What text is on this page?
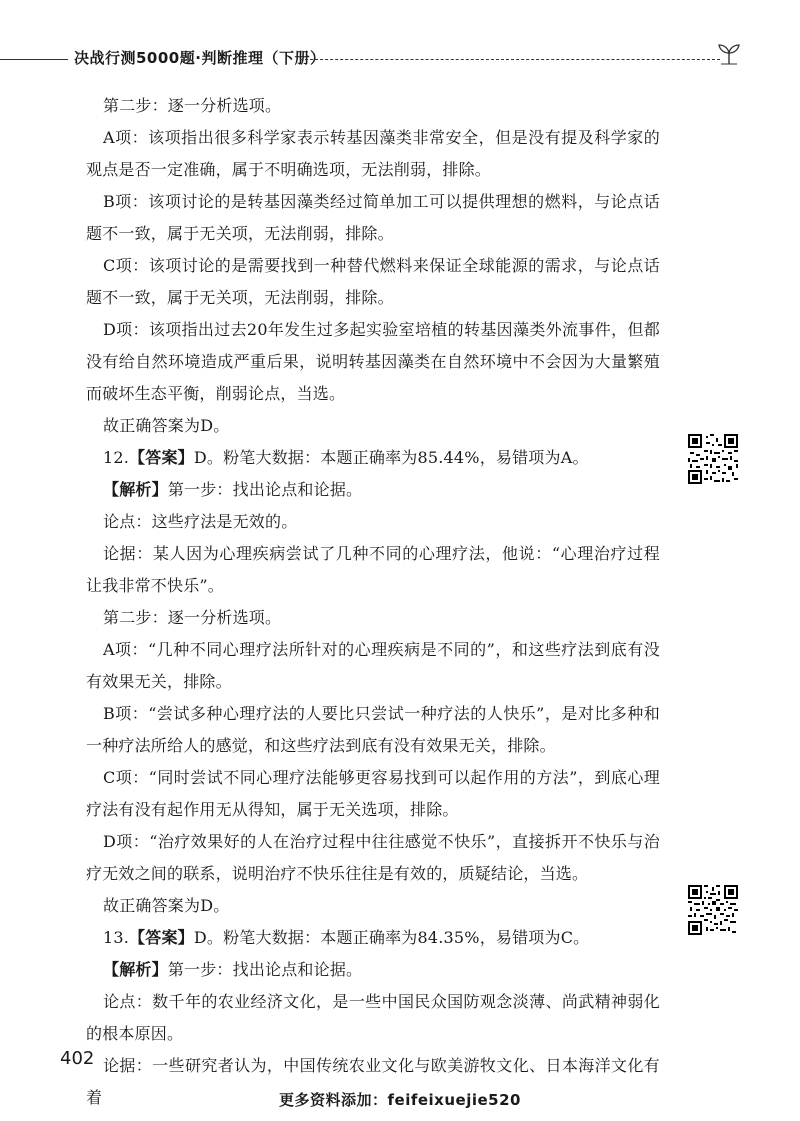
决战行测5000题·判断推理（下册）

第二步：逐一分析选项。

A项：该项指出很多科学家表示转基因藻类非常安全，但是没有提及科学家的观点是否一定准确，属于不明确选项，无法削弱，排除。

B项：该项讨论的是转基因藻类经过简单加工可以提供理想的燃料，与论点话题不一致，属于无关项，无法削弱，排除。

C项：该项讨论的是需要找到一种替代燃料来保证全球能源的需求，与论点话题不一致，属于无关项，无法削弱，排除。

D项：该项指出过去20年发生过多起实验室培植的转基因藻类外流事件，但都没有给自然环境造成严重后果，说明转基因藻类在自然环境中不会因为大量繁殖而破坏生态平衡，削弱论点，当选。

故正确答案为D。

12.【答案】D。粉笔大数据：本题正确率为85.44%，易错项为A。

【解析】第一步：找出论点和论据。

论点：这些疗法是无效的。

论据：某人因为心理疾病尝试了几种不同的心理疗法，他说：“心理治疗过程让我非常不快乐”。

第二步：逐一分析选项。

A项：“几种不同心理疗法所针对的心理疾病是不同的”，和这些疗法到底有没有效果无关，排除。

B项：“尝试多种心理疗法的人要比只尝试一种疗法的人快乐”，是对比多种和一种疗法所给人的感觉，和这些疗法到底有没有效果无关，排除。

C项：“同时尝试不同心理疗法能够更容易找到可以起作用的方法”，到底心理疗法有没有起作用无从得知，属于无关选项，排除。

D项：“治疗效果好的人在治疗过程中往往感觉不快乐”，直接拆开不快乐与治疗无效之间的联系，说明治疗不快乐往往是有效的，质疑结论，当选。

故正确答案为D。

13.【答案】D。粉笔大数据：本题正确率为84.35%，易错项为C。

【解析】第一步：找出论点和论据。

论点：数千年的农业经济文化，是一些中国民众国防观念淡薄、尚武精神弱化的根本原因。

论据：一些研究者认为，中国传统农业文化与欧美游牧文化、日本海洋文化有着

402
更多资料添加：feifeixuejie520
